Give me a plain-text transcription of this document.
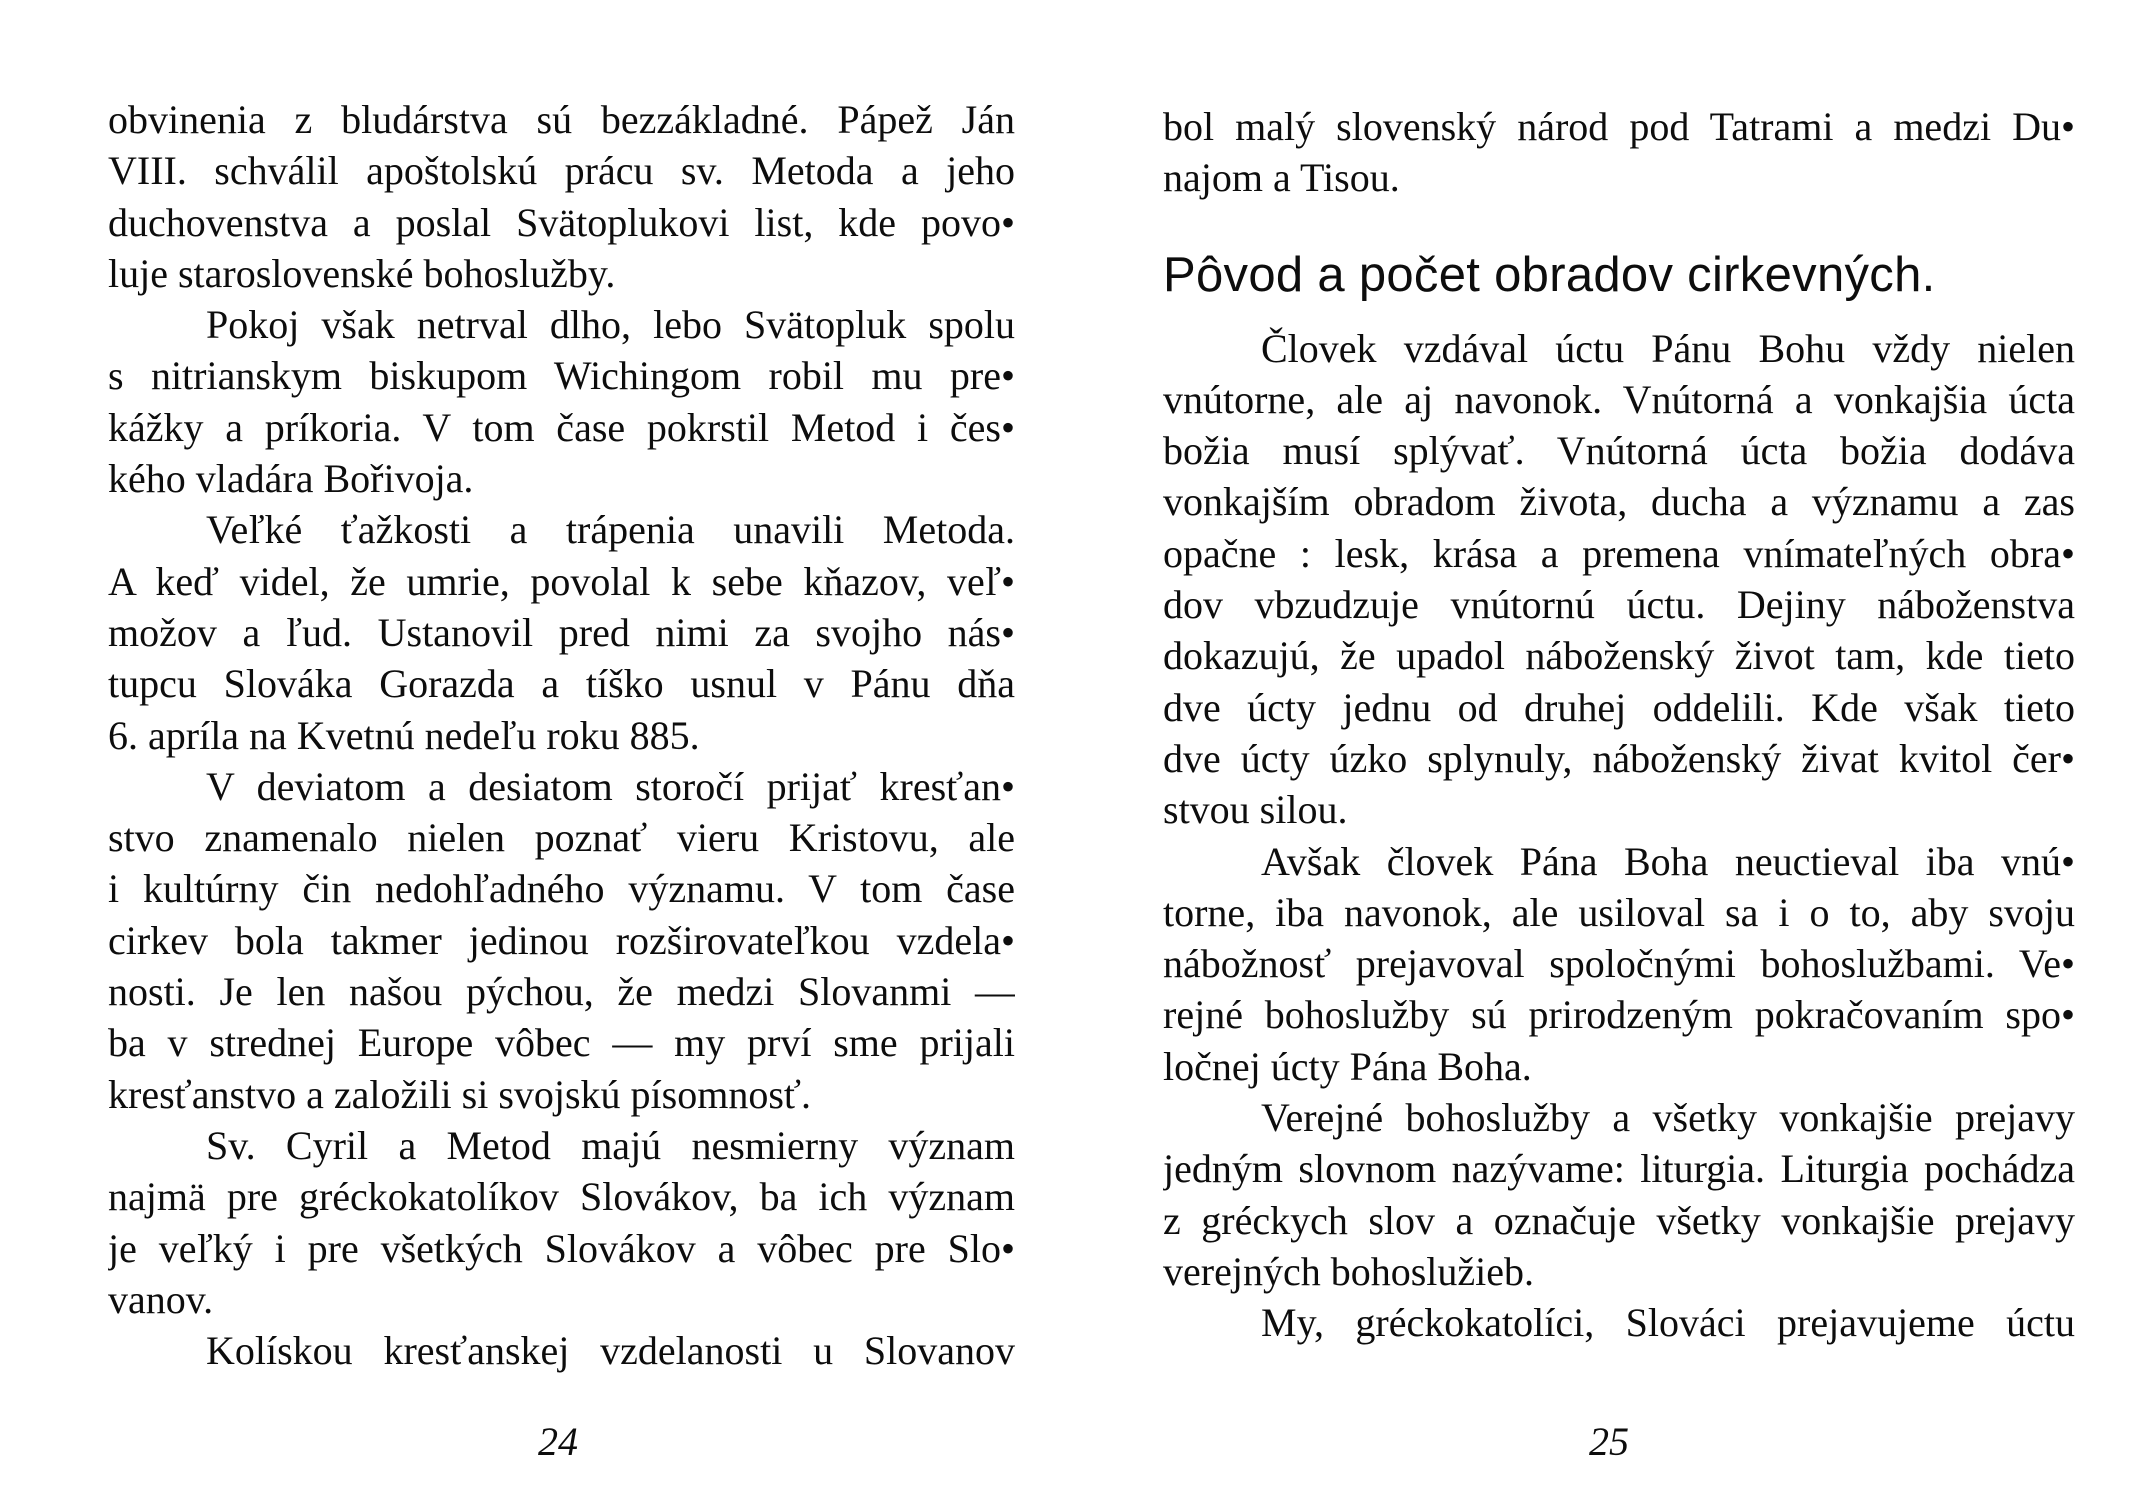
obvinenia z bludárstva sú bezzákladné. Pápež Ján
VIII. schválil apoštolskú prácu sv. Metoda a jeho
duchovenstva a poslal Svätoplukovi list, kde povo•
luje staroslovenské bohoslužby.
Pokoj však netrval dlho, lebo Svätopluk spolu
s nitrianskym biskupom Wichingom robil mu pre•
kážky a príkoria. V tom čase pokrstil Metod i čes•
kého vladára Bořivoja.
Veľké ťažkosti a trápenia unavili Metoda.
A keď videl, že umrie, povolal k sebe kňazov, veľ•
možov a ľud. Ustanovil pred nimi za svojho nás•
tupcu Slováka Gorazda a tíško usnul v Pánu dňa
6. apríla na Kvetnú nedeľu roku 885.
V deviatom a desiatom storočí prijať kresťan•
stvo znamenalo nielen poznať vieru Kristovu, ale
i kultúrny čin nedohľadného významu. V tom čase
cirkev bola takmer jedinou rozširovateľkou vzdela•
nosti. Je len našou pýchou, že medzi Slovanmi —
ba v strednej Europe vôbec — my prví sme prijali
kresťanstvo a založili si svojskú písomnosť.
Sv. Cyril a Metod majú nesmierny význam
najmä pre gréckokatolíkov Slovákov, ba ich význam
je veľký i pre všetkých Slovákov a vôbec pre Slo•
vanov.
Kolískou kresťanskej vzdelanosti u Slovanov
24
bol malý slovenský národ pod Tatrami a medzi Du•
najom a Tisou.
Pôvod a počet obradov cirkevných.
Človek vzdával úctu Pánu Bohu vždy nielen
vnútorne, ale aj navonok. Vnútorná a vonkajšia úcta
božia musí splývať. Vnútorná úcta božia dodáva
vonkajším obradom života, ducha a významu a zas
opačne : lesk, krása a premena vnímateľných obra•
dov vbzudzuje vnútornú úctu. Dejiny náboženstva
dokazujú, že upadol náboženský život tam, kde tieto
dve úcty jednu od druhej oddelili. Kde však tieto
dve úcty úzko splynuly, náboženský živat kvitol čer•
stvou silou.
Avšak človek Pána Boha neuctieval iba vnú•
torne, iba navonok, ale usiloval sa i o to, aby svoju
nábožnosť prejavoval spoločnými bohoslužbami. Ve•
rejné bohoslužby sú prirodzeným pokračovaním spo•
ločnej úcty Pána Boha.
Verejné bohoslužby a všetky vonkajšie prejavy
jedným slovnom nazývame: liturgia. Liturgia pochádza
z gréckych slov a označuje všetky vonkajšie prejavy
verejných bohoslužieb.
My, gréckokatolíci, Slováci prejavujeme úctu
25
